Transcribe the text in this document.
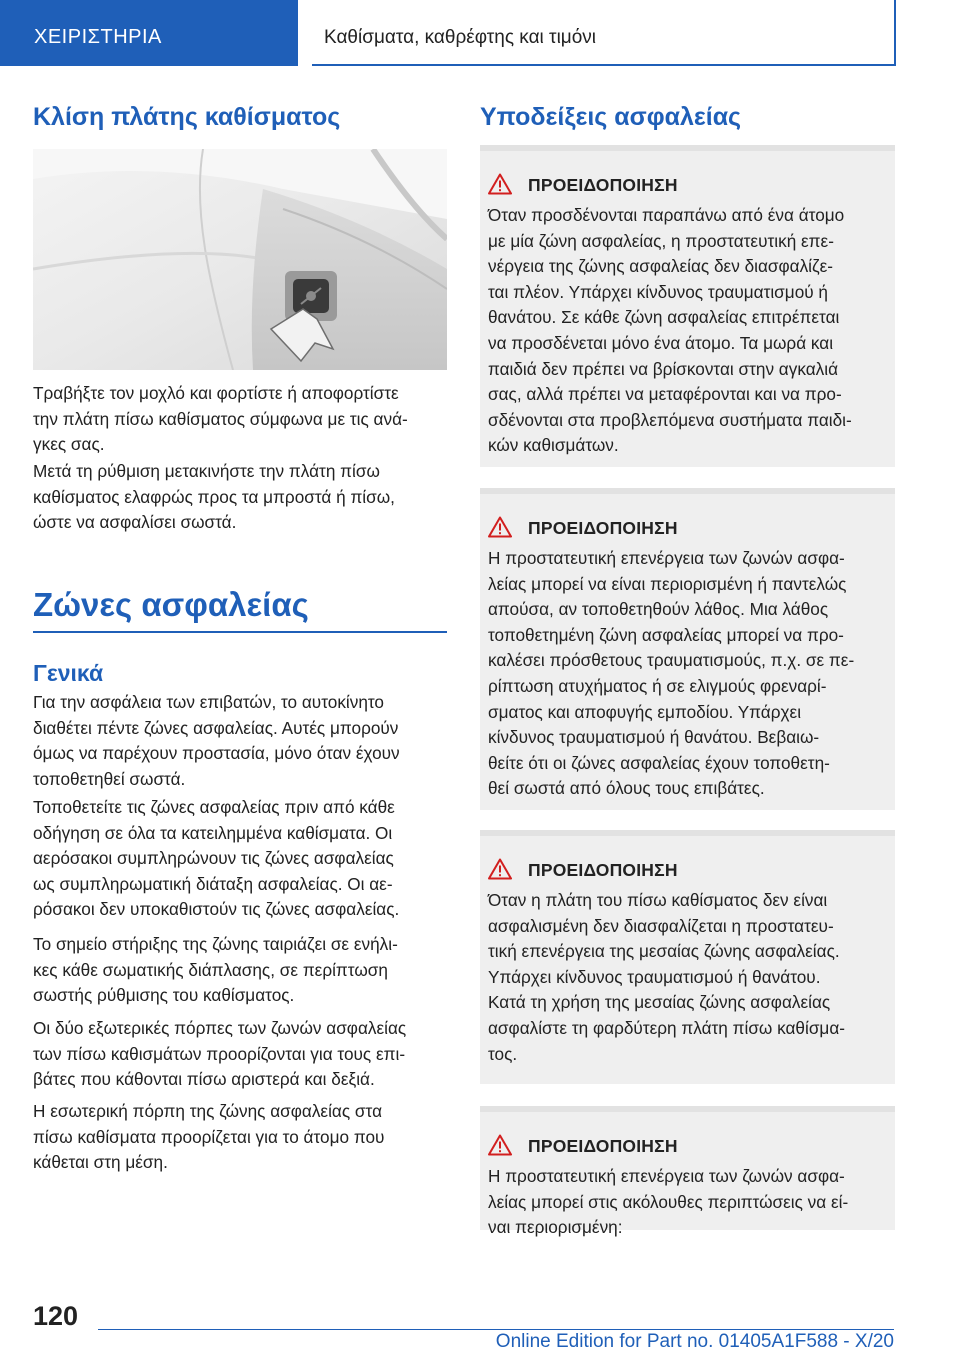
ΧΕΙΡΙΣΤΗΡΙΑ	Καθίσματα, καθρέφτης και τιμόνι
Κλίση πλάτης καθίσματος

Τραβήξτε τον μοχλό και φορτίστε ή αποφορτίστε
την πλάτη πίσω καθίσματος σύμφωνα με τις ανά-
γκες σας.

Μετά τη ρύθμιση μετακινήστε την πλάτη πίσω
καθίσματος ελαφρώς προς τα μπροστά ή πίσω,
ώστε να ασφαλίσει σωστά.

Ζώνες ασφαλείας
Γενικά

Για την ασφάλεια των επιβατών, το αυτοκίνητο
διαθέτει πέντε ζώνες ασφαλείας. Αυτές μπορούν
όμως να παρέχουν προστασία, μόνο όταν έχουν
τοποθετηθεί σωστά.

Τοποθετείτε τις ζώνες ασφαλείας πριν από κάθε
οδήγηση σε όλα τα κατειλημμένα καθίσματα. Οι
αερόσακοι συμπληρώνουν τις ζώνες ασφαλείας
ως συμπληρωματική διάταξη ασφαλείας. Οι αε-
ρόσακοι δεν υποκαθιστούν τις ζώνες ασφαλείας.

Το σημείο στήριξης της ζώνης ταιριάζει σε ενήλι-
κες κάθε σωματικής διάπλασης, σε περίπτωση
σωστής ρύθμισης του καθίσματος.

Οι δύο εξωτερικές πόρπες των ζωνών ασφαλείας
των πίσω καθισμάτων προορίζονται για τους επι-
βάτες που κάθονται πίσω αριστερά και δεξιά.

Η εσωτερική πόρπη της ζώνης ασφαλείας στα
πίσω καθίσματα προορίζεται για το άτομο που
κάθεται στη μέση.

Υποδείξεις ασφαλείας
ΠΡΟΕΙΔΟΠΟΙΗΣΗ

Όταν προσδένονται παραπάνω από ένα άτομο
με μία ζώνη ασφαλείας, η προστατευτική επε-
νέργεια της ζώνης ασφαλείας δεν διασφαλίζε-
ται πλέον. Υπάρχει κίνδυνος τραυματισμού ή
θανάτου. Σε κάθε ζώνη ασφαλείας επιτρέπεται
να προσδένεται μόνο ένα άτομο. Τα μωρά και
παιδιά δεν πρέπει να βρίσκονται στην αγκαλιά
σας, αλλά πρέπει να μεταφέρονται και να προ-
σδένονται στα προβλεπόμενα συστήματα παιδι-
κών καθισμάτων.

ΠΡΟΕΙΔΟΠΟΙΗΣΗ

Η προστατευτική επενέργεια των ζωνών ασφα-
λείας μπορεί να είναι περιορισμένη ή παντελώς
απούσα, αν τοποθετηθούν λάθος. Μια λάθος
τοποθετημένη ζώνη ασφαλείας μπορεί να προ-
καλέσει πρόσθετους τραυματισμούς, π.χ. σε πε-
ρίπτωση ατυχήματος ή σε ελιγμούς φρεναρί-
σματος και αποφυγής εμποδίου. Υπάρχει
κίνδυνος τραυματισμού ή θανάτου. Βεβαιω-
θείτε ότι οι ζώνες ασφαλείας έχουν τοποθετη-
θεί σωστά από όλους τους επιβάτες.

ΠΡΟΕΙΔΟΠΟΙΗΣΗ

Όταν η πλάτη του πίσω καθίσματος δεν είναι
ασφαλισμένη δεν διασφαλίζεται η προστατευ-
τική επενέργεια της μεσαίας ζώνης ασφαλείας.
Υπάρχει κίνδυνος τραυματισμού ή θανάτου.
Κατά τη χρήση της μεσαίας ζώνης ασφαλείας
ασφαλίστε τη φαρδύτερη πλάτη πίσω καθίσμα-
τος.

ΠΡΟΕΙΔΟΠΟΙΗΣΗ

Η προστατευτική επενέργεια των ζωνών ασφα-
λείας μπορεί στις ακόλουθες περιπτώσεις να εί-
ναι περιορισμένη:

120
Online Edition for Part no. 01405A1F588 - X/20
